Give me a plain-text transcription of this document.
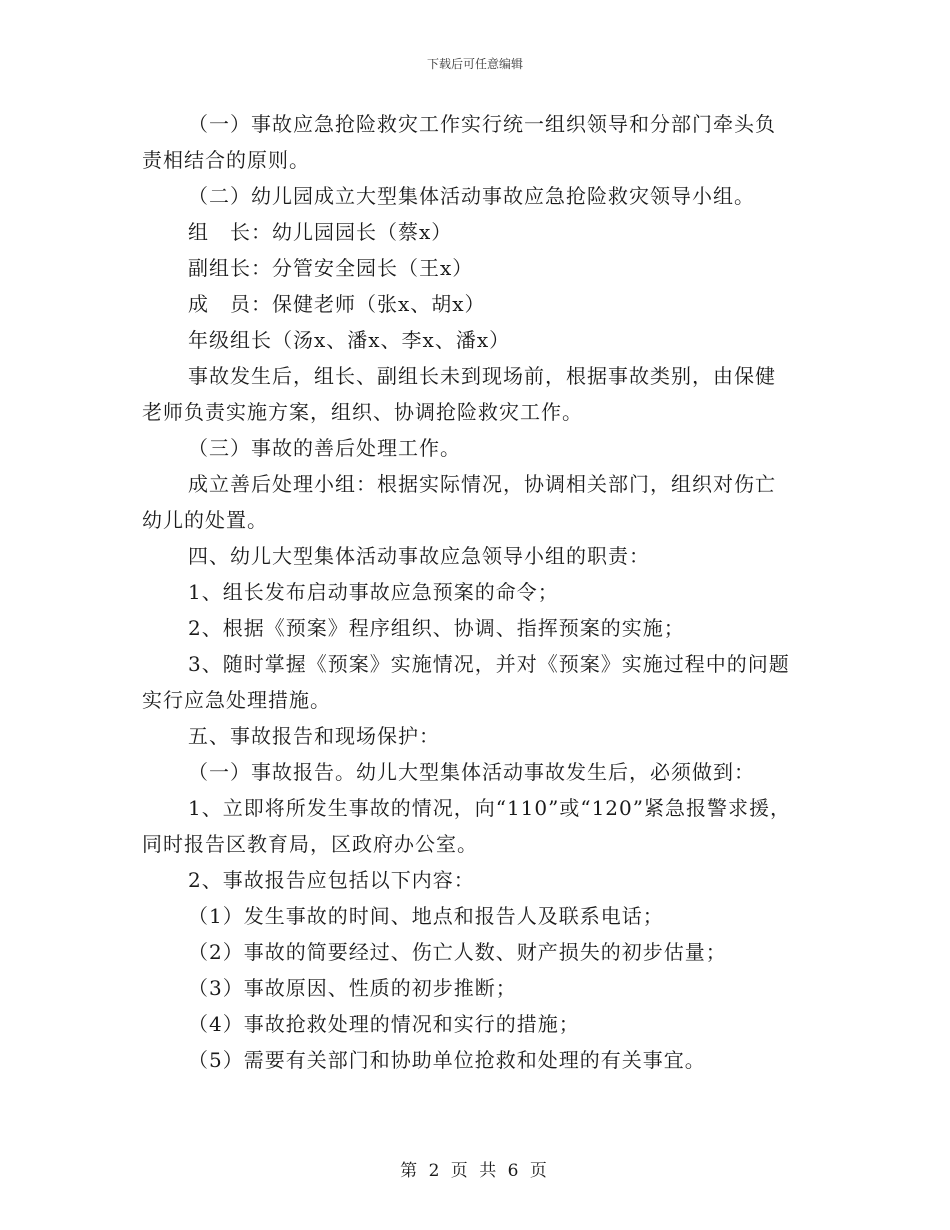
下载后可任意编辑
（一）事故应急抢险救灾工作实行统一组织领导和分部门牵头负
责相结合的原则。
（二）幼儿园成立大型集体活动事故应急抢险救灾领导小组。
组　长：幼儿园园长（蔡x）
副组长：分管安全园长（王x）
成　员：保健老师（张x、胡x）
年级组长（汤x、潘x、李x、潘x）
事故发生后，组长、副组长未到现场前，根据事故类别，由保健
老师负责实施方案，组织、协调抢险救灾工作。
（三）事故的善后处理工作。
成立善后处理小组：根据实际情况，协调相关部门，组织对伤亡
幼儿的处置。
四、幼儿大型集体活动事故应急领导小组的职责：
1、组长发布启动事故应急预案的命令；
2、根据《预案》程序组织、协调、指挥预案的实施；
3、随时掌握《预案》实施情况，并对《预案》实施过程中的问题
实行应急处理措施。
五、事故报告和现场保护：
（一）事故报告。幼儿大型集体活动事故发生后，必须做到：
1、立即将所发生事故的情况，向“110”或“120”紧急报警求援，
同时报告区教育局，区政府办公室。
2、事故报告应包括以下内容：
（1）发生事故的时间、地点和报告人及联系电话；
（2）事故的简要经过、伤亡人数、财产损失的初步估量；
（3）事故原因、性质的初步推断；
（4）事故抢救处理的情况和实行的措施；
（5）需要有关部门和协助单位抢救和处理的有关事宜。
第 2 页 共 6 页
